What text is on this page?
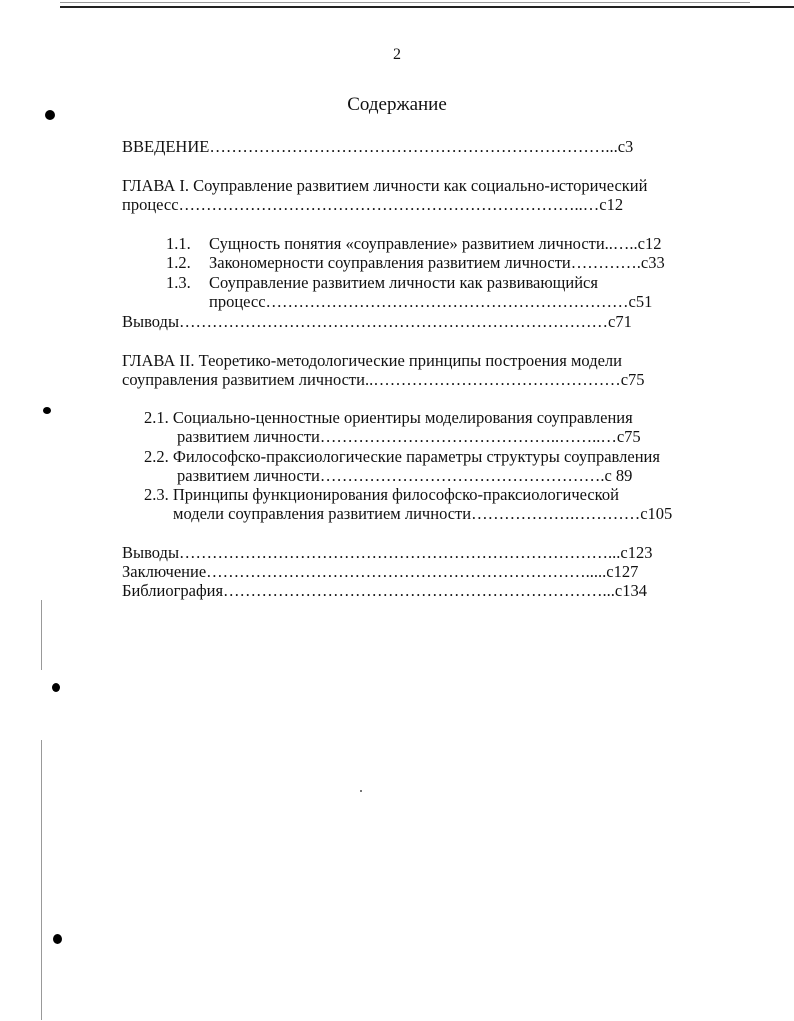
2
Содержание
ВВЕДЕНИЕ………………………………………………………………...с3
ГЛАВА I. Соуправление развитием личности как социально-исторический
процесс………………………………………………………………..…с12
1.1. Сущность понятия «соуправление» развитием личности..…..с12
1.2. Закономерности соуправления развитием личности………….с33
1.3. Соуправление развитием личности как развивающийся
процесс…………………………………………………………с51
Выводы……………………………………………………………………с71
ГЛАВА II. Теоретико-методологические принципы построения модели
соуправления развитием личности..………………………………………с75
2.1. Социально-ценностные ориентиры моделирования соуправления
развитием личности……………………………………..……..…с75
2.2. Философско-праксиологические параметры структуры соуправления
развитием личности…………………………………………….с 89
2.3. Принципы функционирования философско-праксиологической
модели соуправления развитием личности……………….…………с105
Выводы……………………………………………………………………...с123
Заключение…………………………………………………………….....с127
Библиография……………………………………………………………...с134
